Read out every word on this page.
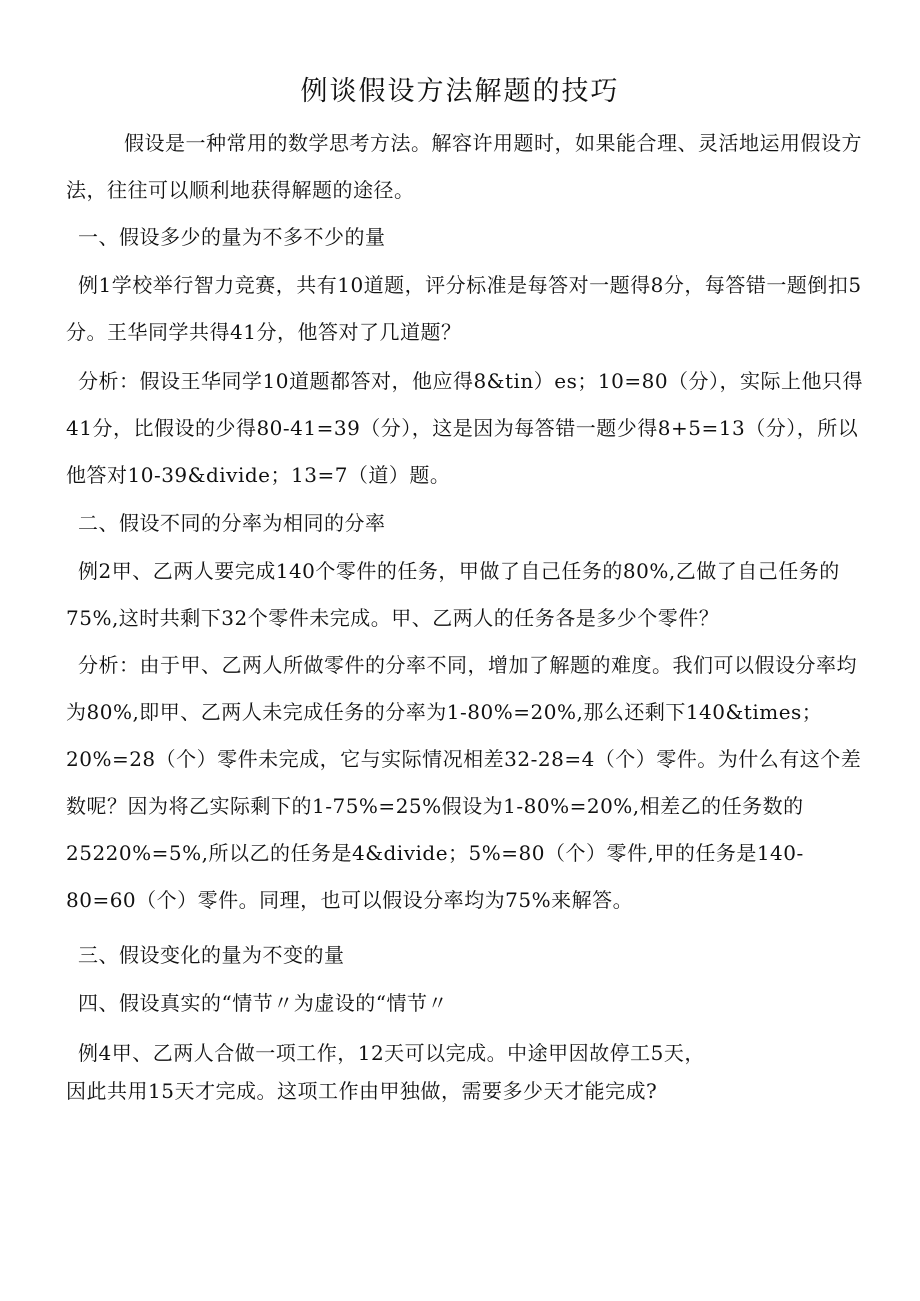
例谈假设方法解题的技巧

假设是一种常用的数学思考方法。解容许用题时，如果能合理、灵活地运用假设方法，往往可以顺利地获得解题的途径。

一、假设多少的量为不多不少的量

例1学校举行智力竞赛，共有10道题，评分标准是每答对一题得8分，每答错一题倒扣5分。王华同学共得41分，他答对了几道题？

分析：假设王华同学10道题都答对，他应得8&tin）es；10=80（分），实际上他只得41分，比假设的少得80-41=39（分），这是因为每答错一题少得8+5=13（分），所以他答对10-39&divide；13=7（道）题。

二、假设不同的分率为相同的分率

例2甲、乙两人要完成140个零件的任务，甲做了自己任务的80%,乙做了自己任务的75%,这时共剩下32个零件未完成。甲、乙两人的任务各是多少个零件？

分析：由于甲、乙两人所做零件的分率不同，增加了解题的难度。我们可以假设分率均为80%,即甲、乙两人未完成任务的分率为1-80%=20%,那么还剩下140&times；20%=28（个）零件未完成，它与实际情况相差32-28=4（个）零件。为什么有这个差数呢？因为将乙实际剩下的1-75%=25%假设为1-80%=20%,相差乙的任务数的25220%=5%,所以乙的任务是4&divide；5%=80（个）零件,甲的任务是140-80=60（个）零件。同理，也可以假设分率均为75%来解答。

三、假设变化的量为不变的量

四、假设真实的“情节〃为虚设的“情节〃

例4甲、乙两人合做一项工作，12天可以完成。中途甲因故停工5天，

因此共用15天才完成。这项工作由甲独做，需要多少天才能完成?
